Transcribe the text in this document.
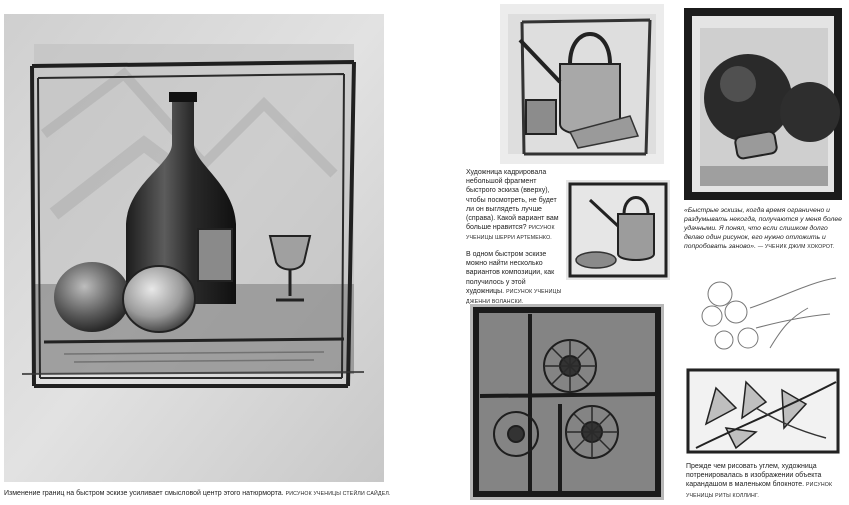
Изменение границ на быстром эскизе усиливает смысловой центр этого натюрморта. РИСУНОК УЧЕНИЦЫ СТЕЙЛИ САЙДЕЛ.
Художница кадрировала небольшой фрагмент быстрого эскиза (вверху), чтобы посмотреть, не будет ли он выглядеть лучше (справа). Какой вариант вам больше нравится? РИСУНОК УЧЕНИЦЫ ШЕРРИ АРТЕМЕНКО.
В одном быстром эскизе можно найти несколько вариантов композиции, как получилось у этой художницы. РИСУНОК УЧЕНИЦЫ ДЖЕННИ ВОЛАНСКИ.
«Быстрые эскизы, когда время ограничено и раздумывать некогда, получаются у меня более удачными. Я понял, что если слишком долго делаю один рисунок, его нужно отложить и попробовать заново». — УЧЕНИК ДЖИМ ХОКОРОТ.
Прежде чем рисовать углем, художница потренировалась в изображении объекта карандашом в маленьком блокноте. РИСУНОК УЧЕНИЦЫ РИТЫ КОЛЛИНГ.
